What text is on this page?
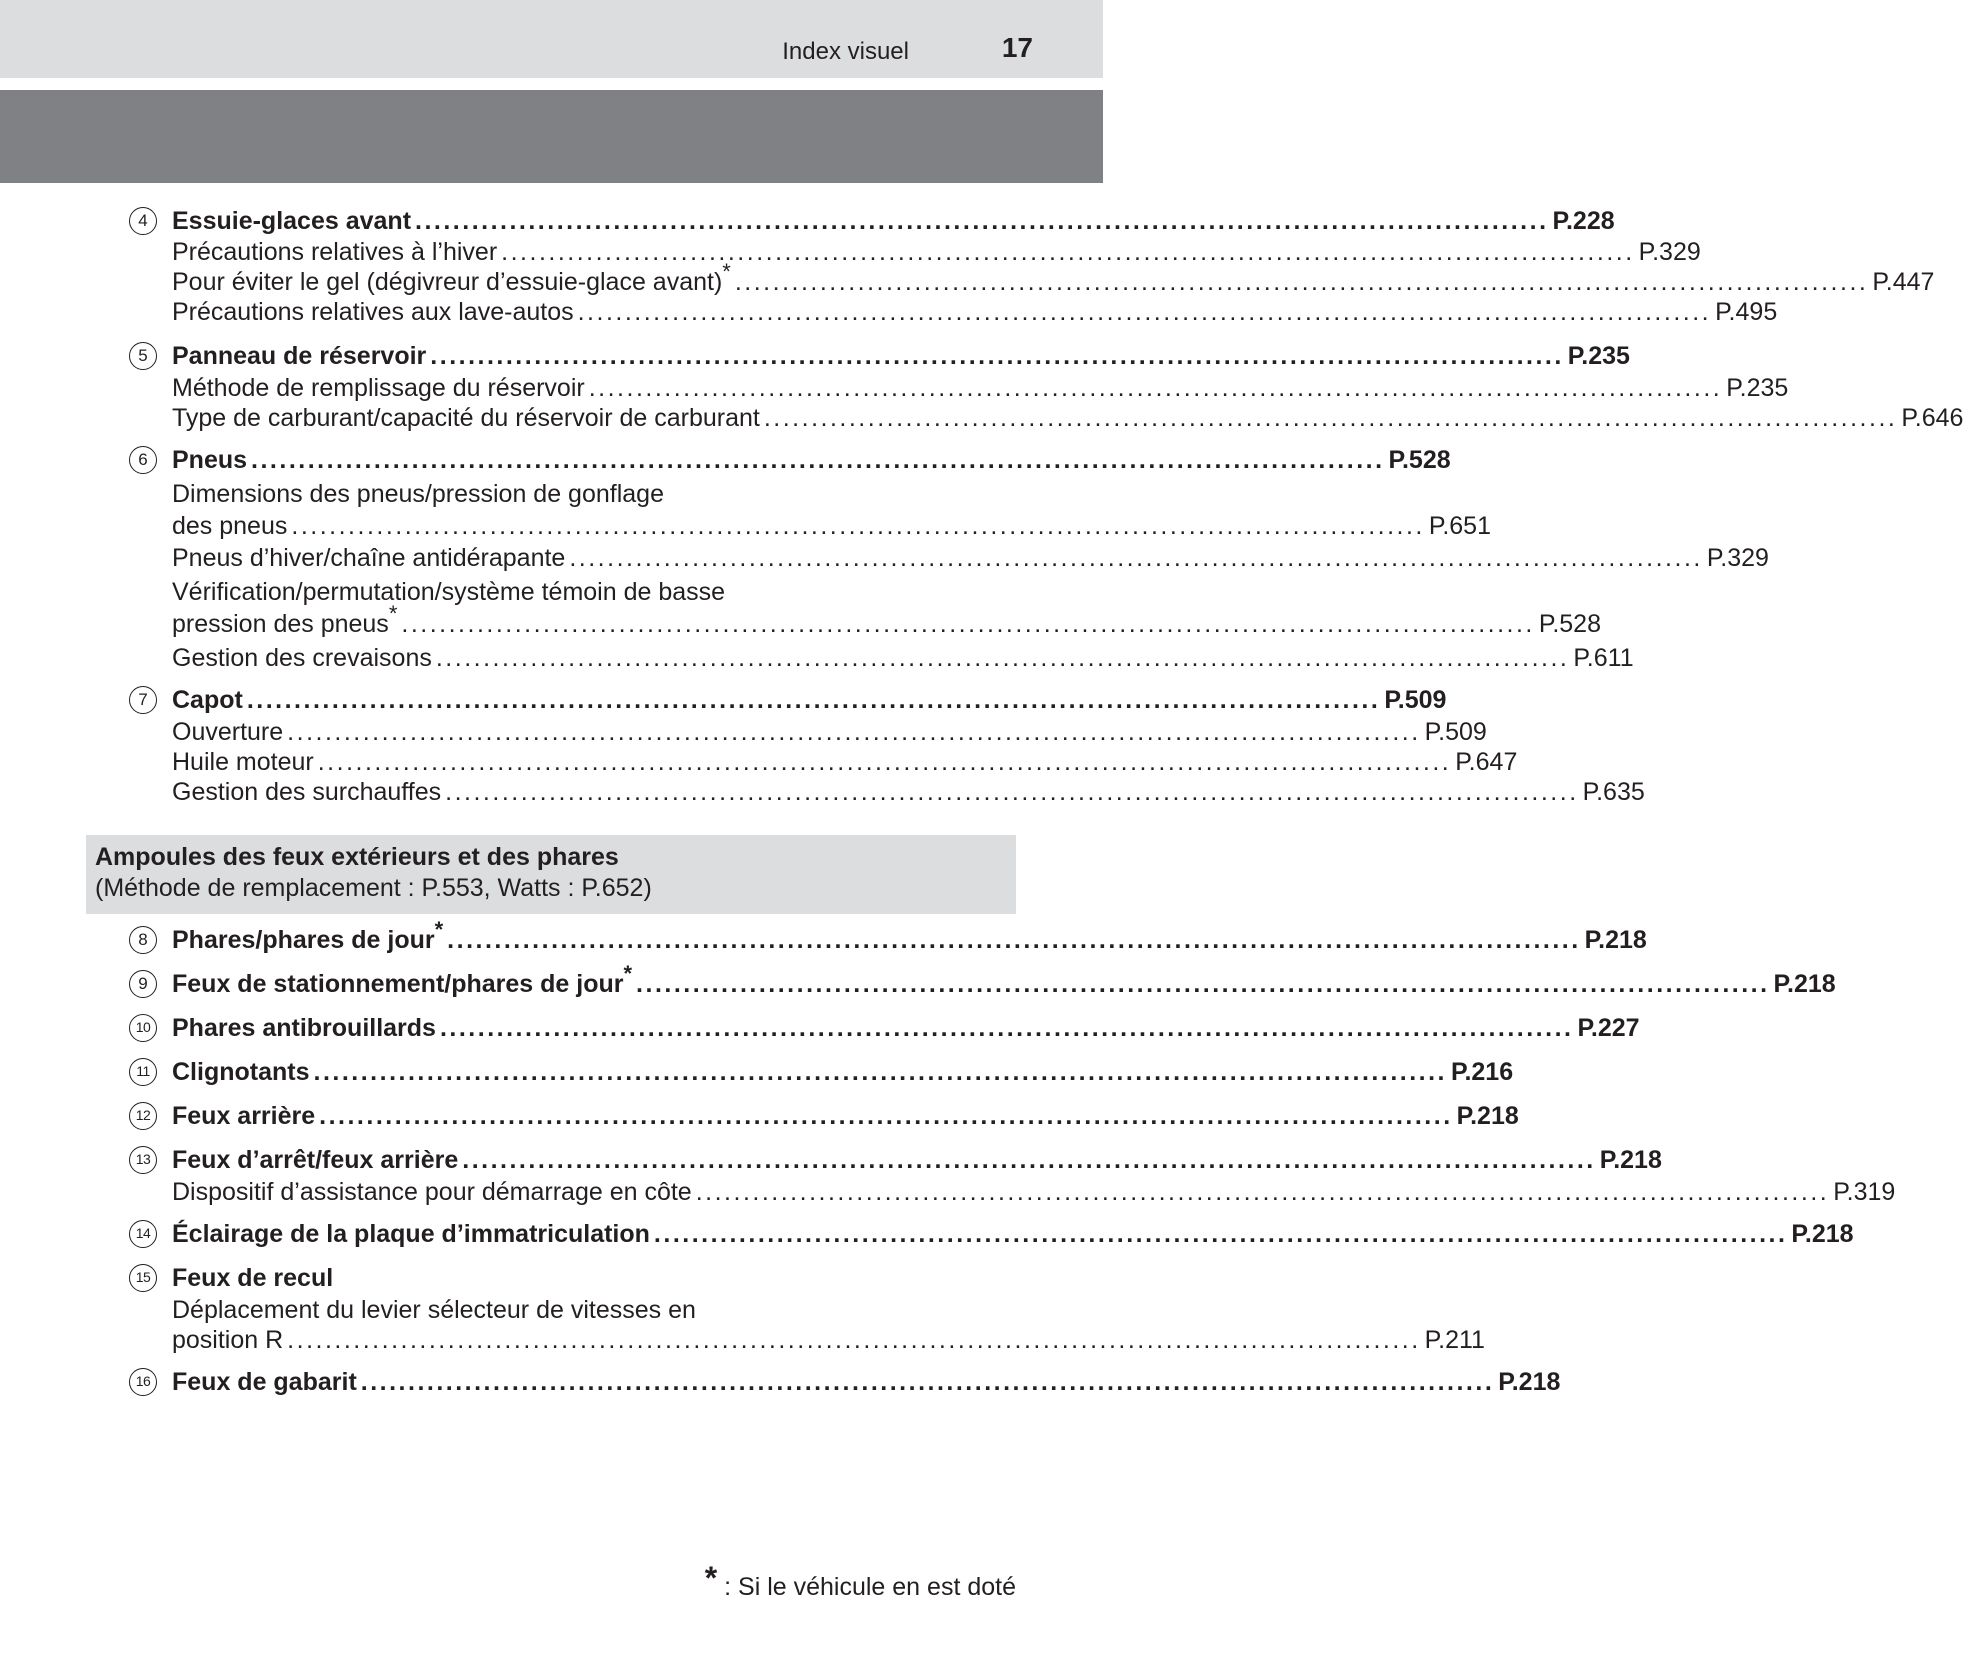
Index visuel	17
Ampoules des feux extérieurs et des phares
(Méthode de remplacement : P.553, Watts : P.652)
4 Essuie-glaces avant ........................................................................................................................ P.228
Précautions relatives à l’hiver ........................................................................................................................ P.329
Pour éviter le gel (dégivreur d’essuie-glace avant)* ........................................................................................................................ P.447
Précautions relatives aux lave-autos ........................................................................................................................ P.495
5 Panneau de réservoir ........................................................................................................................ P.235
Méthode de remplissage du réservoir ........................................................................................................................ P.235
Type de carburant/capacité du réservoir de carburant ........................................................................................................................ P.646
6 Pneus ........................................................................................................................ P.528
Dimensions des pneus/pression de gonflage
des pneus ........................................................................................................................ P.651
Pneus d’hiver/chaîne antidérapante ........................................................................................................................ P.329
Vérification/permutation/système témoin de basse
pression des pneus* ........................................................................................................................ P.528
Gestion des crevaisons ........................................................................................................................ P.611
7 Capot ........................................................................................................................ P.509
Ouverture ........................................................................................................................ P.509
Huile moteur ........................................................................................................................ P.647
Gestion des surchauffes ........................................................................................................................ P.635
8 Phares/phares de jour* ........................................................................................................................ P.218
9 Feux de stationnement/phares de jour* ........................................................................................................................ P.218
10 Phares antibrouillards ........................................................................................................................ P.227
11 Clignotants ........................................................................................................................ P.216
12 Feux arrière ........................................................................................................................ P.218
13 Feux d’arrêt/feux arrière ........................................................................................................................ P.218
Dispositif d’assistance pour démarrage en côte ........................................................................................................................ P.319
14 Éclairage de la plaque d’immatriculation ........................................................................................................................ P.218
15 Feux de recul
Déplacement du levier sélecteur de vitesses en
position R ........................................................................................................................ P.211
16 Feux de gabarit ........................................................................................................................ P.218
* : Si le véhicule en est doté
